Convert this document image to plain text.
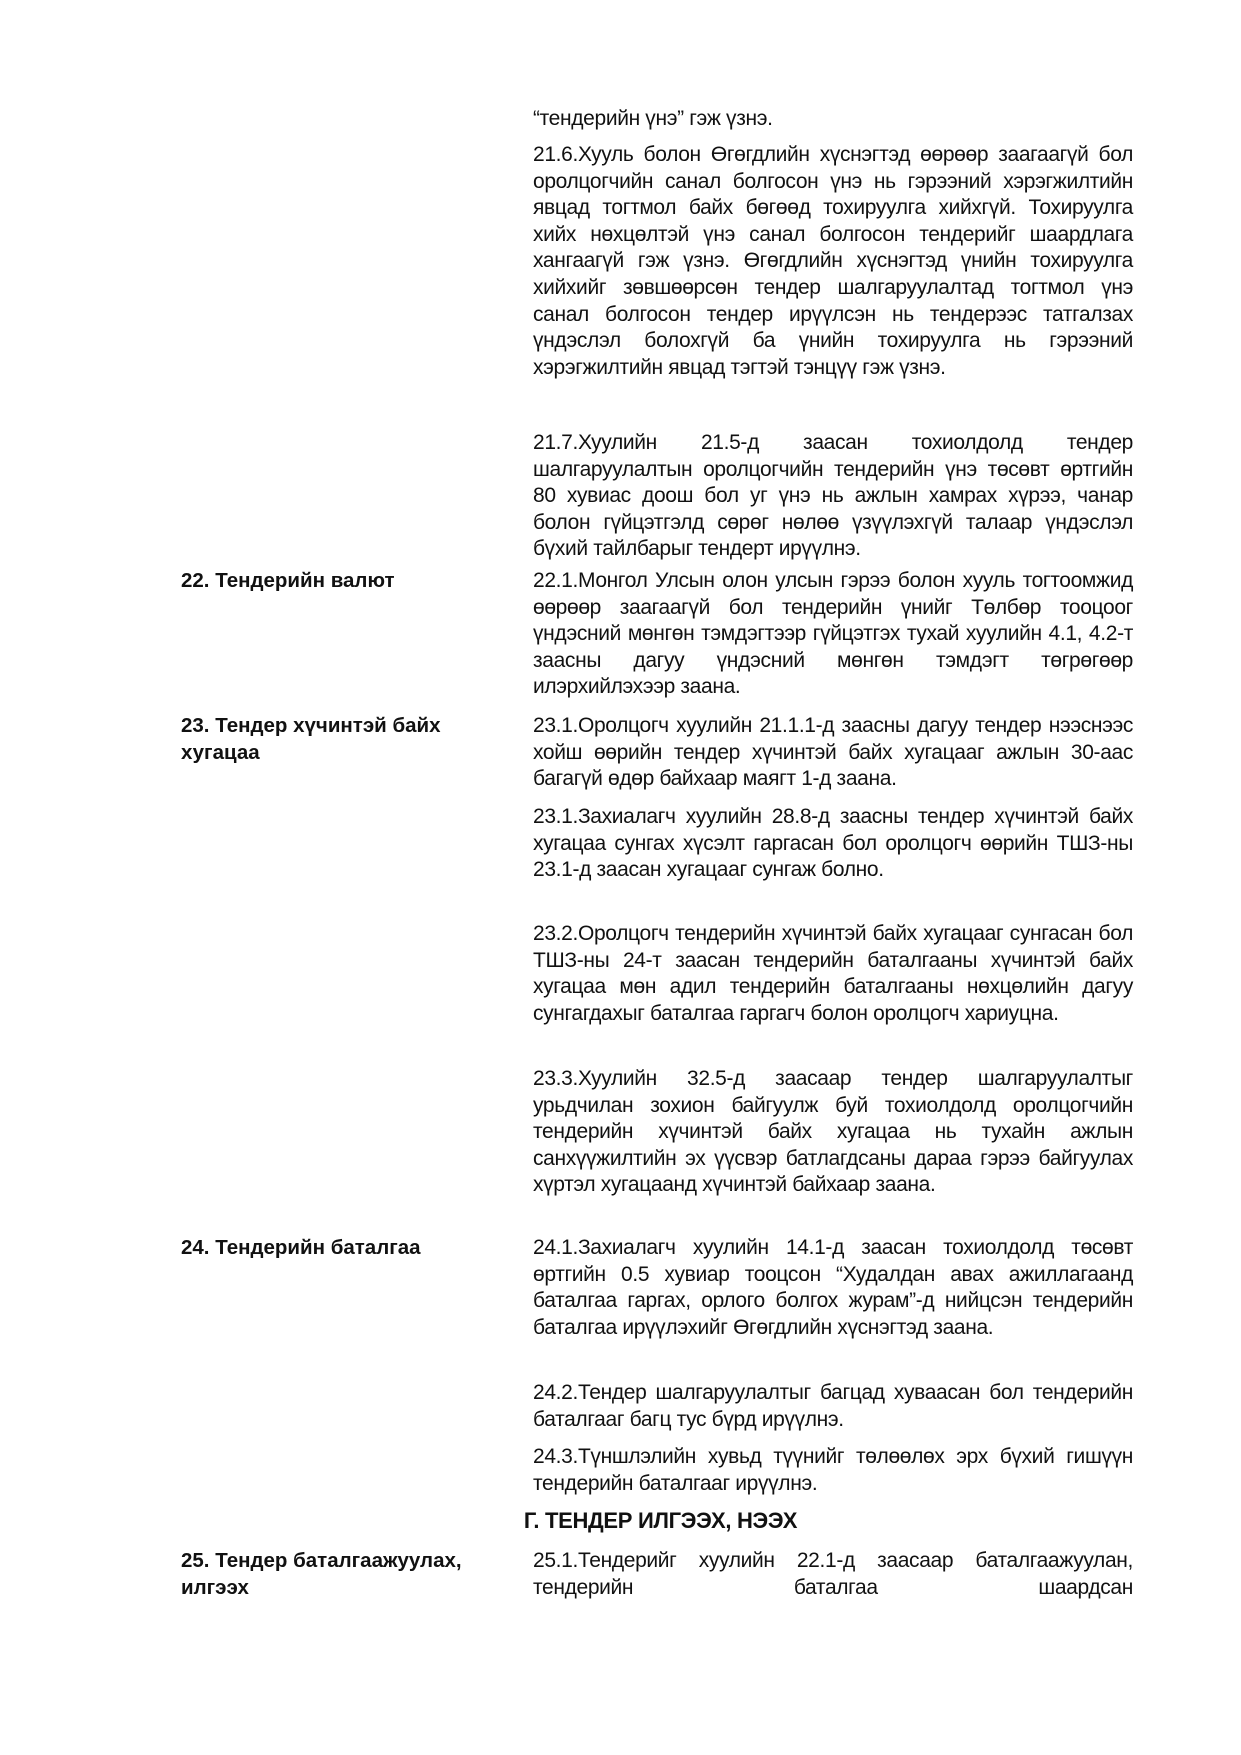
“тендерийн үнэ” гэж үзнэ.
21.6.Хууль болон Өгөгдлийн хүснэгтэд өөрөөр заагаагүй бол оролцогчийн санал болгосон үнэ нь гэрээний хэрэгжилтийн явцад тогтмол байх бөгөөд тохируулга хийхгүй. Тохируулга хийх нөхцөлтэй үнэ санал болгосон тендерийг шаардлага хангаагүй гэж үзнэ. Өгөгдлийн хүснэгтэд үнийн тохируулга хийхийг зөвшөөрсөн тендер шалгаруулалтад тогтмол үнэ санал болгосон тендер ирүүлсэн нь тендерээс татгалзах үндэслэл болохгүй ба үнийн тохируулга нь гэрээний хэрэгжилтийн явцад тэгтэй тэнцүү гэж үзнэ.
21.7.Хуулийн 21.5-д заасан тохиолдолд тендер шалгаруулалтын оролцогчийн тендерийн үнэ төсөвт өртгийн 80 хувиас доош бол уг үнэ нь ажлын хамрах хүрээ, чанар болон гүйцэтгэлд сөрөг нөлөө үзүүлэхгүй талаар үндэслэл бүхий тайлбарыг тендерт ирүүлнэ.
22. Тендерийн валют	22.1.Монгол Улсын олон улсын гэрээ болон хууль тогтоомжид өөрөөр заагаагүй бол тендерийн үнийг Төлбөр тооцоог үндэсний мөнгөн тэмдэгтээр гүйцэтгэх тухай хуулийн 4.1, 4.2-т заасны дагуу үндэсний мөнгөн тэмдэгт төгрөгөөр илэрхийлэхээр заана.
23. Тендер хүчинтэй байх хугацаа
23.1.Оролцогч хуулийн 21.1.1-д заасны дагуу тендер нээснээс хойш өөрийн тендер хүчинтэй байх хугацааг ажлын 30-аас багагүй өдөр байхаар маягт 1-д заана.
23.1.Захиалагч хуулийн 28.8-д заасны тендер хүчинтэй байх хугацаа сунгах хүсэлт гаргасан бол оролцогч өөрийн ТШЗ-ны 23.1-д заасан хугацааг сунгаж болно.
23.2.Оролцогч тендерийн хүчинтэй байх хугацааг сунгасан бол ТШЗ-ны 24-т заасан тендерийн баталгааны хүчинтэй байх хугацаа мөн адил тендерийн баталгааны нөхцөлийн дагуу сунгагдахыг баталгаа гаргагч болон оролцогч хариуцна.
23.3.Хуулийн 32.5-д заасаар тендер шалгаруулалтыг урьдчилан зохион байгуулж буй тохиолдолд оролцогчийн тендерийн хүчинтэй байх хугацаа нь тухайн ажлын санхүүжилтийн эх үүсвэр батлагдсаны дараа гэрээ байгуулах хүртэл хугацаанд хүчинтэй байхаар заана.
24. Тендерийн баталгаа	24.1.Захиалагч хуулийн 14.1-д заасан тохиолдолд төсөвт өртгийн 0.5 хувиар тооцсон “Худалдан авах ажиллагаанд баталгаа гаргах, орлого болгох журам”-д нийцсэн тендерийн баталгаа ирүүлэхийг Өгөгдлийн хүснэгтэд заана.
24.2.Тендер шалгаруулалтыг багцад хуваасан бол тендерийн баталгааг багц тус бүрд ирүүлнэ.
24.3.Түншлэлийн хувьд түүнийг төлөөлөх эрх бүхий гишүүн тендерийн баталгааг ирүүлнэ.
Г. ТЕНДЕР ИЛГЭЭХ, НЭЭХ
25. Тендер баталгаажуулах, илгээх
25.1.Тендерийг хуулийн 22.1-д заасаар баталгаажуулан, тендерийн баталгаа шаардсан
